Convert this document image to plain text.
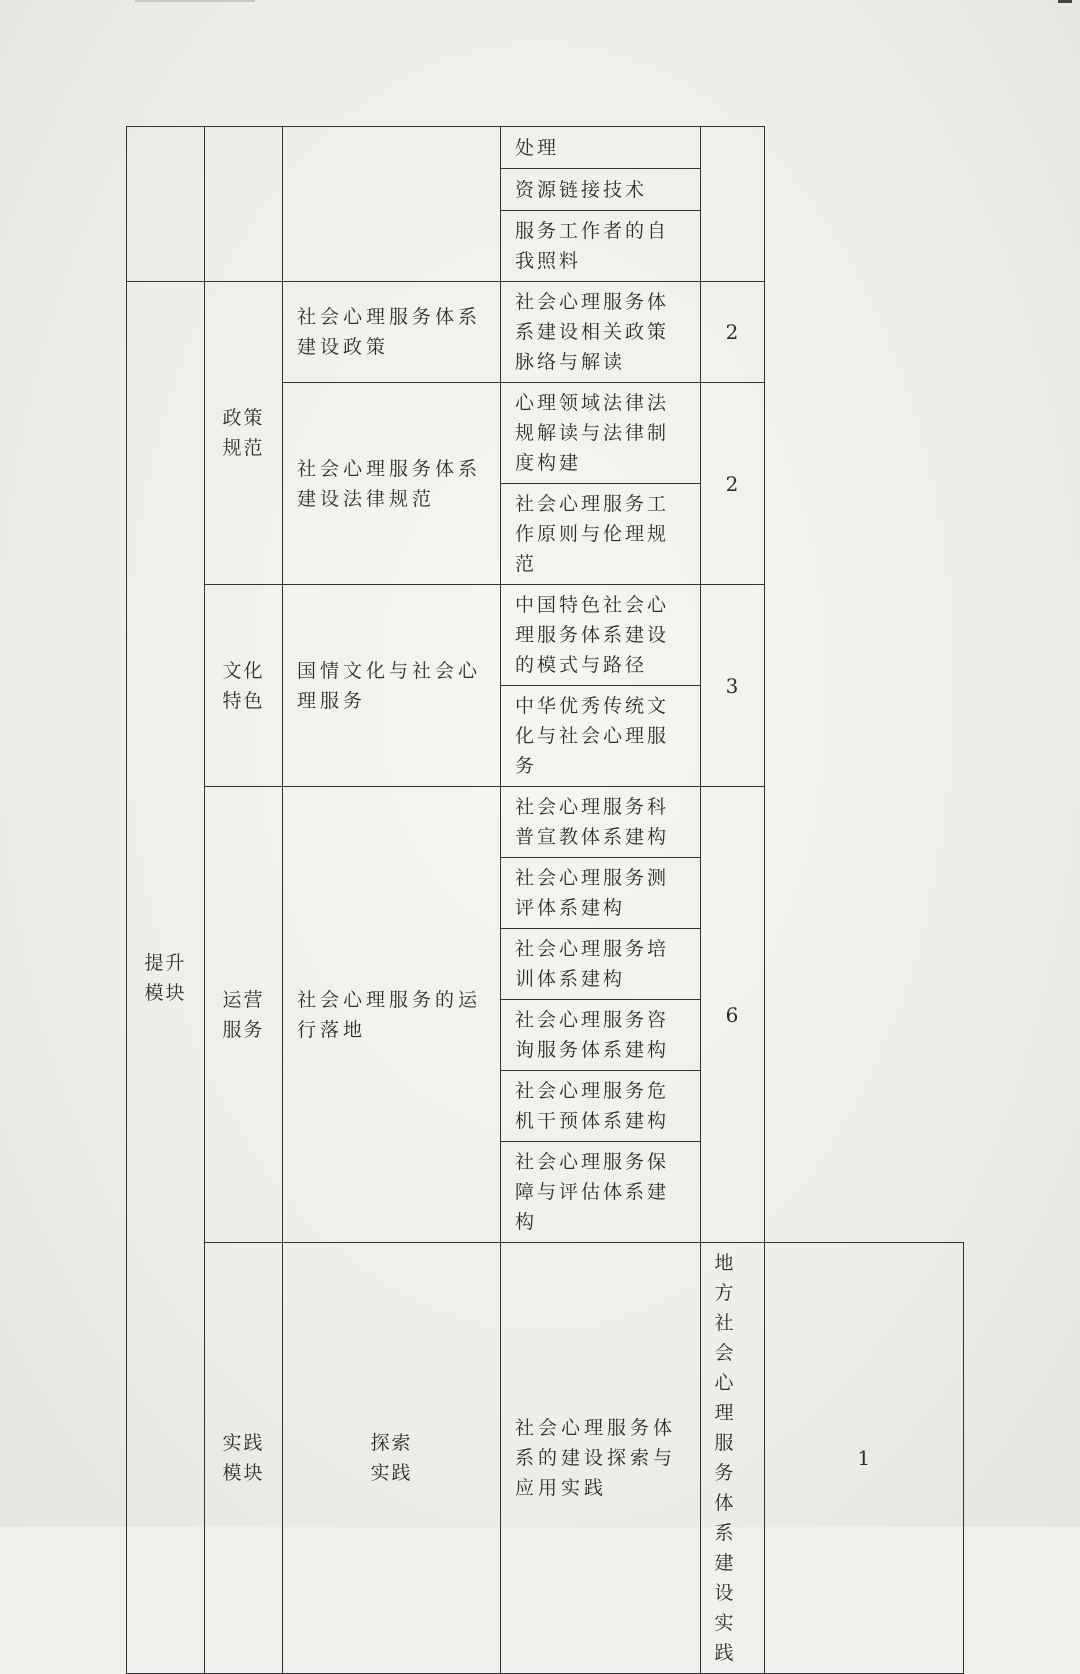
			处理		
			资源链接技术		
			服务工作者的自我照料		
提升模块	政策规范	社会心理服务体系建设政策	社会心理服务体系建设相关政策脉络与解读	2	
		社会心理服务体系建设法律规范	心理领域法律法规解读与法律制度构建	2	
			社会心理服务工作原则与伦理规范		
	文化特色	国情文化与社会心理服务	中国特色社会心理服务体系建设的模式与路径	3	
			中华优秀传统文化与社会心理服务		
	运营服务	社会心理服务的运行落地	社会心理服务科普宣教体系建构	6	
			社会心理服务测评体系建构		
			社会心理服务培训体系建构		
			社会心理服务咨询服务体系建构		
			社会心理服务危机干预体系建构		
			社会心理服务保障与评估体系建构		
	实践模块	探索实践	社会心理服务体系的建设探索与应用实践	地方社会心理服务体系建设实践	1
